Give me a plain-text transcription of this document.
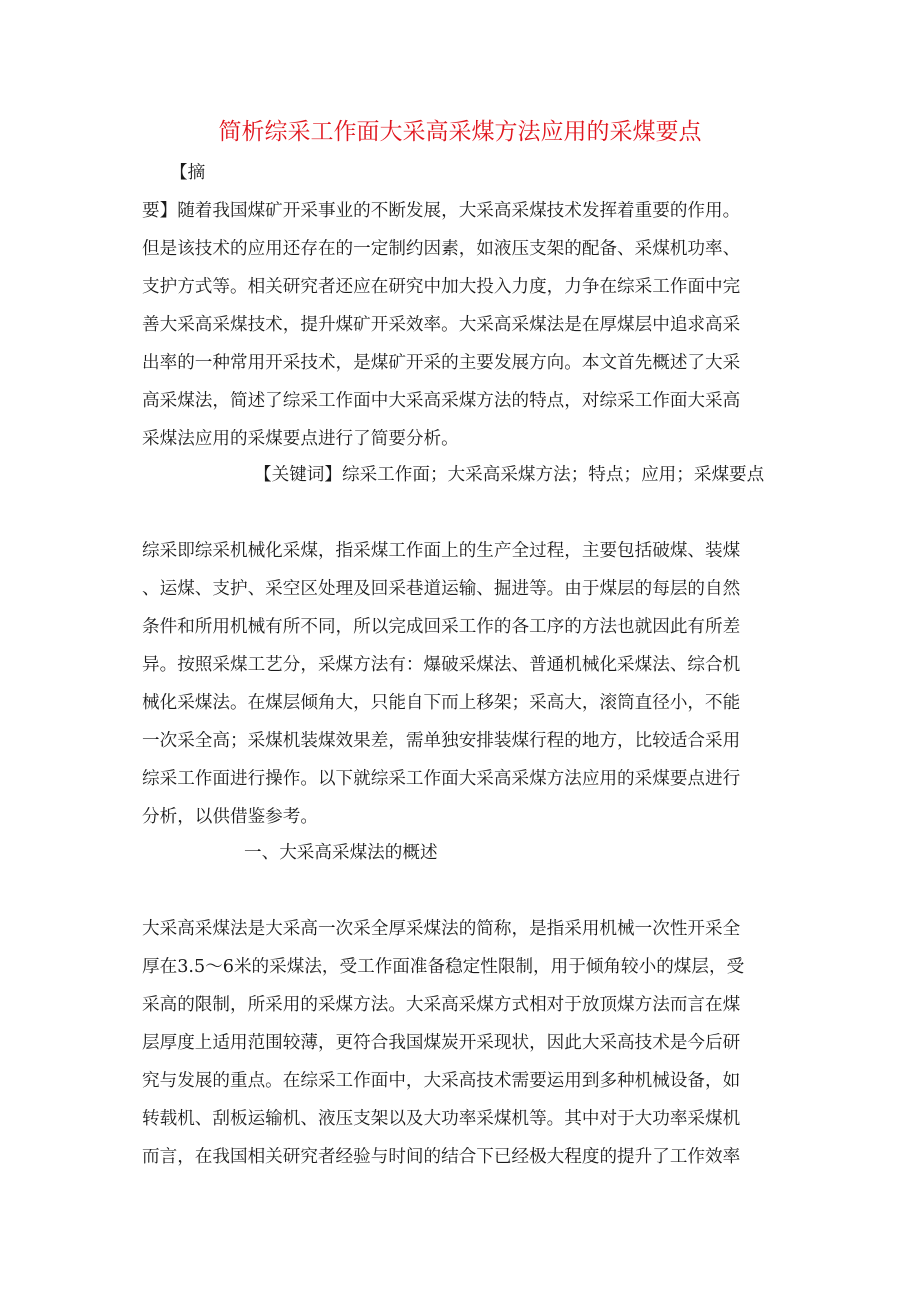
简析综采工作面大采高采煤方法应用的采煤要点
【摘
要】随着我国煤矿开采事业的不断发展，大采高采煤技术发挥着重要的作用。
但是该技术的应用还存在的一定制约因素，如液压支架的配备、采煤机功率、
支护方式等。相关研究者还应在研究中加大投入力度，力争在综采工作面中完
善大采高采煤技术，提升煤矿开采效率。大采高采煤法是在厚煤层中追求高采
出率的一种常用开采技术，是煤矿开采的主要发展方向。本文首先概述了大采
高采煤法，简述了综采工作面中大采高采煤方法的特点，对综采工作面大采高
采煤法应用的采煤要点进行了简要分析。
【关键词】综采工作面；大采高采煤方法；特点；应用；采煤要点
综采即综采机械化采煤，指采煤工作面上的生产全过程，主要包括破煤、装煤
、运煤、支护、采空区处理及回采巷道运输、掘进等。由于煤层的每层的自然
条件和所用机械有所不同，所以完成回采工作的各工序的方法也就因此有所差
异。按照采煤工艺分，采煤方法有：爆破采煤法、普通机械化采煤法、综合机
械化采煤法。在煤层倾角大，只能自下而上移架；采高大，滚筒直径小，不能
一次采全高；采煤机装煤效果差，需单独安排装煤行程的地方，比较适合采用
综采工作面进行操作。以下就综采工作面大采高采煤方法应用的采煤要点进行
分析，以供借鉴参考。
一、大采高采煤法的概述
大采高采煤法是大采高一次采全厚采煤法的简称，是指采用机械一次性开采全
厚在3.5～6米的采煤法，受工作面准备稳定性限制，用于倾角较小的煤层，受
采高的限制，所采用的采煤方法。大采高采煤方式相对于放顶煤方法而言在煤
层厚度上适用范围较薄，更符合我国煤炭开采现状，因此大采高技术是今后研
究与发展的重点。在综采工作面中，大采高技术需要运用到多种机械设备，如
转载机、刮板运输机、液压支架以及大功率采煤机等。其中对于大功率采煤机
而言，在我国相关研究者经验与时间的结合下已经极大程度的提升了工作效率
